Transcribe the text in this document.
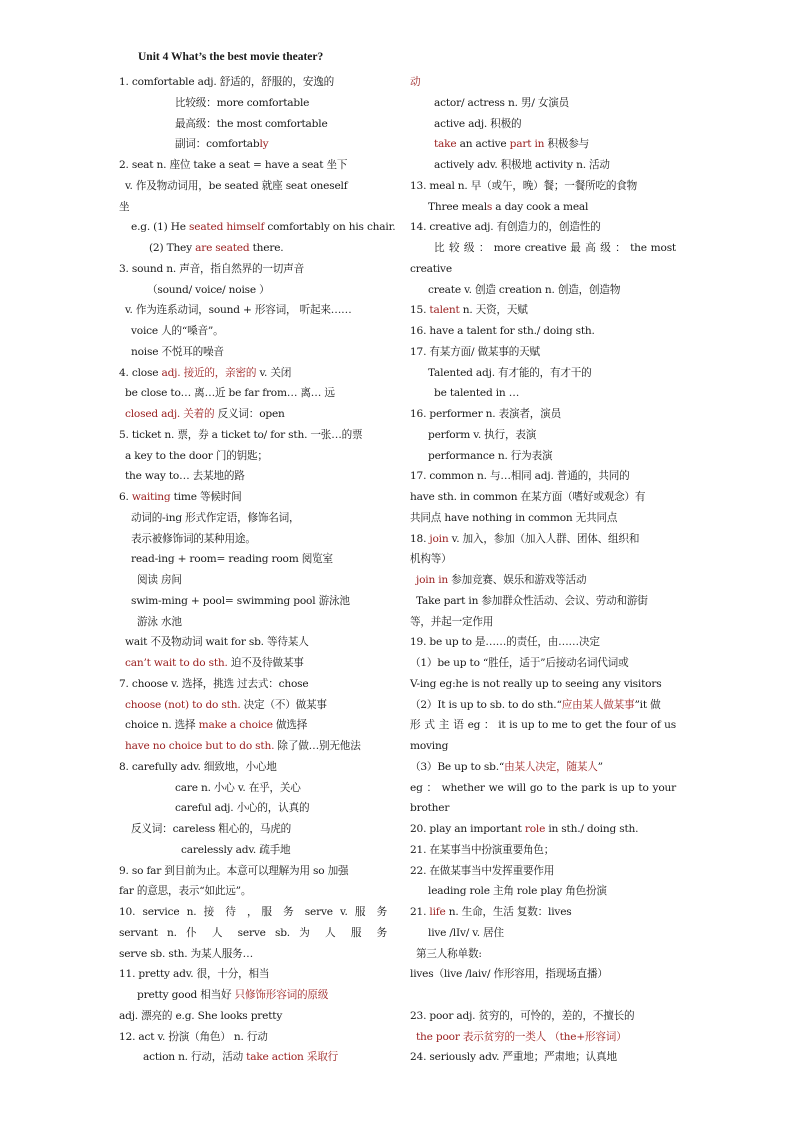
Unit 4 What’s the best movie theater?
1. comfortable adj. 舒适的，舒服的，安逸的
比较级：more comfortable
最高级：the most comfortable
副词：comfortably
2. seat n. 座位 take a seat = have a seat 坐下
v. 作及物动词用，be seated 就座 seat oneself
坐
e.g. (1) He seated himself comfortably on his chair.
(2) They are seated there.
3. sound n. 声音，指自然界的一切声音
（sound/ voice/ noise ）
v. 作为连系动词，sound + 形容词， 听起来……
voice 人的“嗓音”。
noise 不悦耳的噪音
4. close adj. 接近的，亲密的 v. 关闭
be close to… 离…近 be far from… 离… 远
closed adj. 关着的 反义词：open
5. ticket n. 票，券 a ticket to/ for sth. 一张…的票
a key to the door 门的钥匙；
the way to… 去某地的路
6. waiting time 等候时间
动词的-ing 形式作定语，修饰名词，
表示被修饰词的某种用途。
read-ing + room= reading room 阅览室
阅读 房间
swim-ming + pool= swimming pool 游泳池
游泳 水池
wait 不及物动词 wait for sb. 等待某人
can’t wait to do sth. 迫不及待做某事
7. choose v. 选择，挑选 过去式：chose
choose (not) to do sth. 决定（不）做某事
choice n. 选择 make a choice 做选择
have no choice but to do sth. 除了做…别无他法
8. carefully adv. 细致地，小心地
care n. 小心 v. 在乎，关心
careful adj. 小心的，认真的
反义词：careless 粗心的，马虎的
carelessly adv. 疏手地
9. so far 到目前为止。本意可以理解为用 so 加强
far 的意思，表示“如此远”。
10. service n. 接 待 ，服 务 serve v. 服 务
servant n. 仆 人 serve sb. 为 人 服 务
serve sb. sth. 为某人服务…
11. pretty adv. 很，十分，相当
pretty good 相当好 只修饰形容词的原级
adj. 漂亮的 e.g. She looks pretty
12. act v. 扮演（角色） n. 行动
action n. 行动，活动 take action 采取行
动
actor/ actress n. 男/ 女演员
active adj. 积极的
take an active part in 积极参与
actively adv. 积极地 activity n. 活动
13. meal n. 早（或午，晚）餐；一餐所吃的食物
Three meals a day cook a meal
14. creative adj. 有创造力的，创造性的
比 较 级 ： more creative 最 高 级 ： the most
creative
create v. 创造 creation n. 创造，创造物
15. talent n. 天资，天赋
16. have a talent for sth./ doing sth.
17. 有某方面/ 做某事的天赋
Talented adj. 有才能的，有才干的
be talented in …
16. performer n. 表演者，演员
perform v. 执行，表演
performance n. 行为表演
17. common n. 与…相同 adj. 普通的，共同的
have sth. in common 在某方面（嗜好或观念）有
共同点 have nothing in common 无共同点
18. join v. 加入，参加（加入人群、团体、组织和
机构等）
join in 参加竞赛、娱乐和游戏等活动
Take part in 参加群众性活动、会议、劳动和游街
等，并起一定作用
19. be up to 是……的责任，由……决定
（1）be up to “胜任，适于”后接动名词代词或
V-ing eg:he is not really up to seeing any visitors
（2）It is up to sb. to do sth.“应由某人做某事”it 做
形 式 主 语 eg ： it is up to me to get the four of us
moving
（3）Be up to sb.“由某人决定，随某人”
eg ： whether we will go to the park is up to your
brother
20. play an important role in sth./ doing sth.
21. 在某事当中扮演重要角色；
22. 在做某事当中发挥重要作用
leading role 主角 role play 角色扮演
21. life n. 生命，生活 复数：lives
live /lIv/ v. 居住
第三人称单数:
lives（live /laiv/ 作形容用，指现场直播）
23. poor adj. 贫穷的，可怜的，差的，不擅长的
the poor 表示贫穷的一类人 （the+形容词）
24. seriously adv. 严重地；严肃地；认真地
